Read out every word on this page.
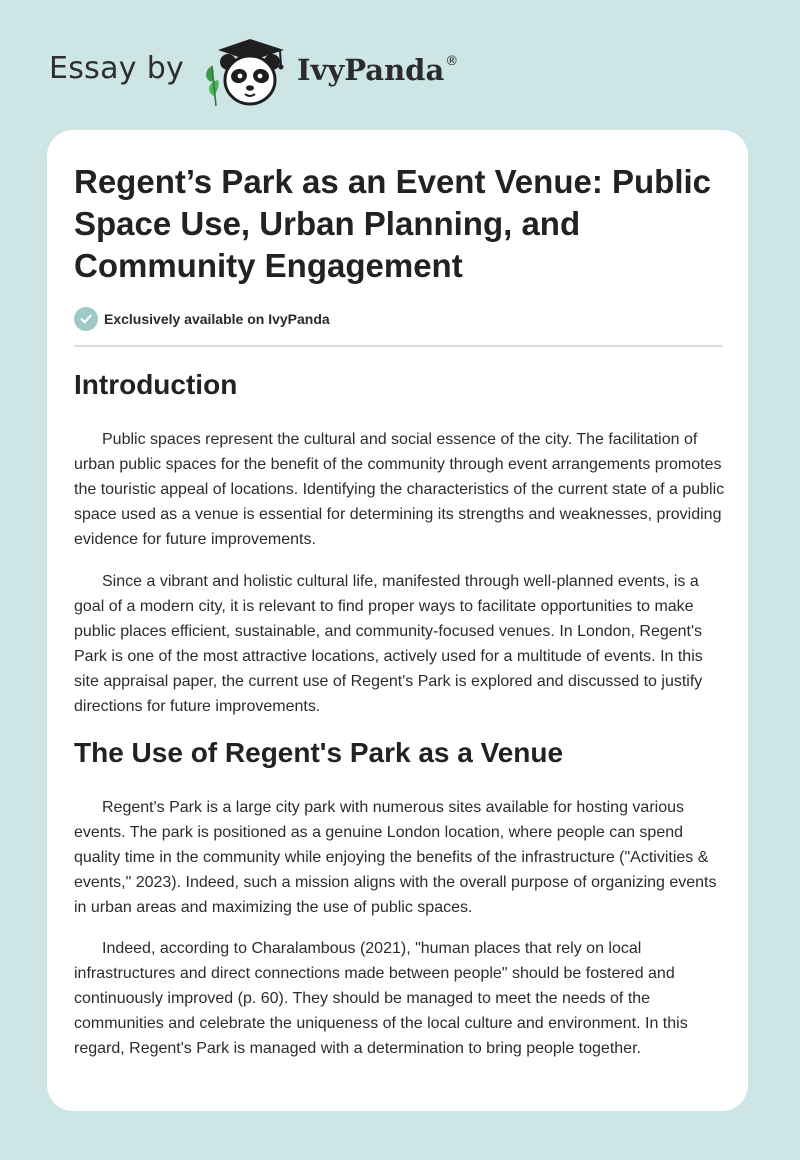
Essay by	IvyPanda®
Regent’s Park as an Event Venue: Public Space Use, Urban Planning, and Community Engagement
Exclusively available on IvyPanda
Introduction

Public spaces represent the cultural and social essence of the city. The facilitation of urban public spaces for the benefit of the community through event arrangements promotes the touristic appeal of locations. Identifying the characteristics of the current state of a public space used as a venue is essential for determining its strengths and weaknesses, providing evidence for future improvements.

Since a vibrant and holistic cultural life, manifested through well-planned events, is a goal of a modern city, it is relevant to find proper ways to facilitate opportunities to make public places efficient, sustainable, and community-focused venues. In London, Regent's Park is one of the most attractive locations, actively used for a multitude of events. In this site appraisal paper, the current use of Regent's Park is explored and discussed to justify directions for future improvements.

The Use of Regent's Park as a Venue

Regent's Park is a large city park with numerous sites available for hosting various events. The park is positioned as a genuine London location, where people can spend quality time in the community while enjoying the benefits of the infrastructure ("Activities & events," 2023). Indeed, such a mission aligns with the overall purpose of organizing events in urban areas and maximizing the use of public spaces.

Indeed, according to Charalambous (2021), "human places that rely on local infrastructures and direct connections made between people" should be fostered and continuously improved (p. 60). They should be managed to meet the needs of the communities and celebrate the uniqueness of the local culture and environment. In this regard, Regent's Park is managed with a determination to bring people together.
